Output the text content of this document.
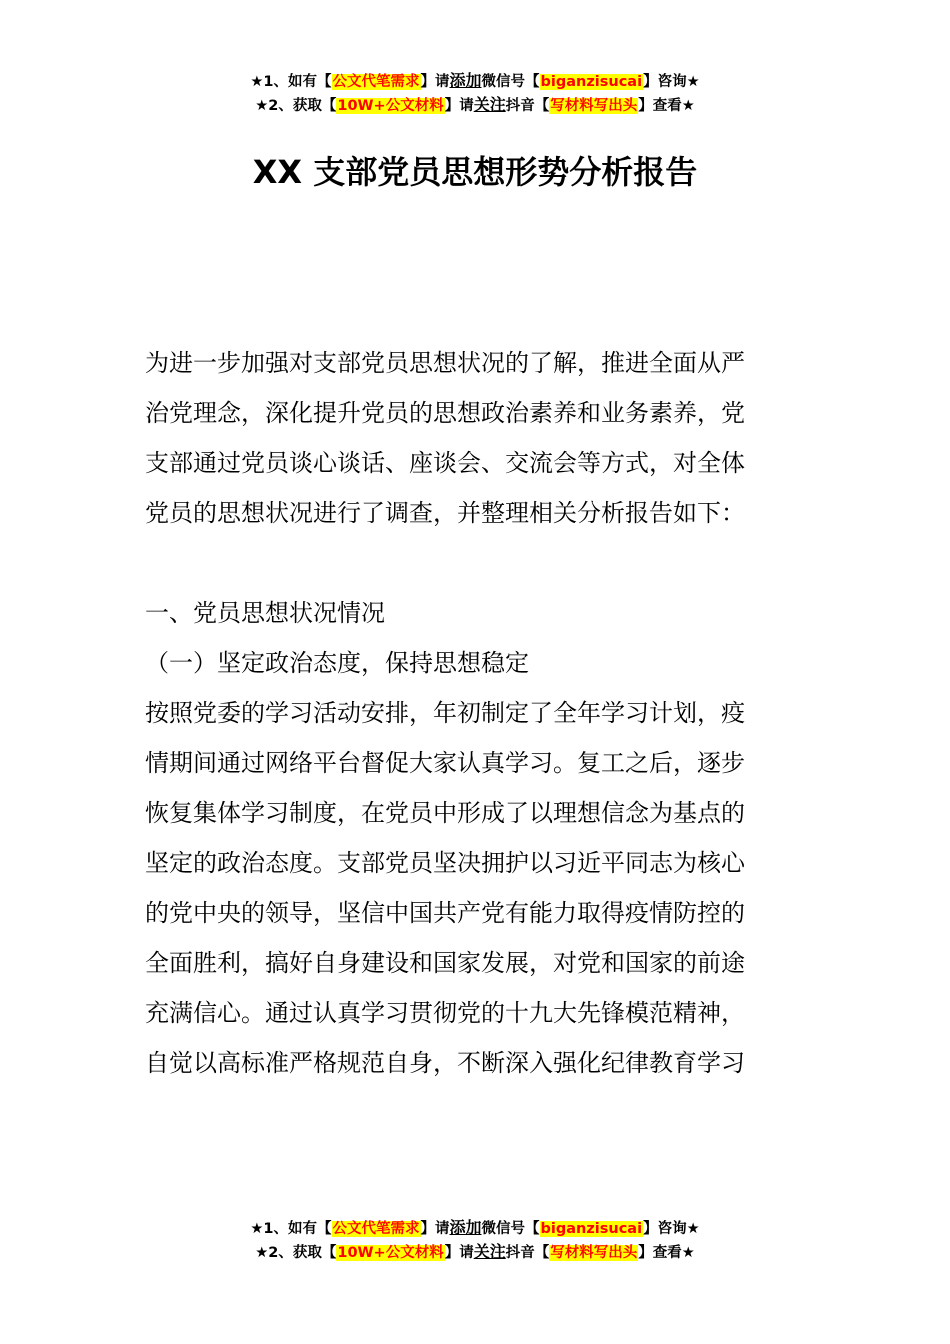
★1、如有【公文代笔需求】请添加微信号【biganzisucai】咨询★
★2、获取【10W+公文材料】请关注抖音【写材料写出头】查看★
XX 支部党员思想形势分析报告

为进一步加强对支部党员思想状况的了解，推进全面从严

治党理念，深化提升党员的思想政治素养和业务素养，党

支部通过党员谈心谈话、座谈会、交流会等方式，对全体

党员的思想状况进行了调查，并整理相关分析报告如下：

一、党员思想状况情况

（一）坚定政治态度，保持思想稳定

按照党委的学习活动安排，年初制定了全年学习计划，疫

情期间通过网络平台督促大家认真学习。复工之后，逐步

恢复集体学习制度，在党员中形成了以理想信念为基点的

坚定的政治态度。支部党员坚决拥护以习近平同志为核心

的党中央的领导，坚信中国共产党有能力取得疫情防控的

全面胜利，搞好自身建设和国家发展，对党和国家的前途

充满信心。通过认真学习贯彻党的十九大先锋模范精神，

自觉以高标准严格规范自身，不断深入强化纪律教育学习

★1、如有【公文代笔需求】请添加微信号【biganzisucai】咨询★
★2、获取【10W+公文材料】请关注抖音【写材料写出头】查看★
